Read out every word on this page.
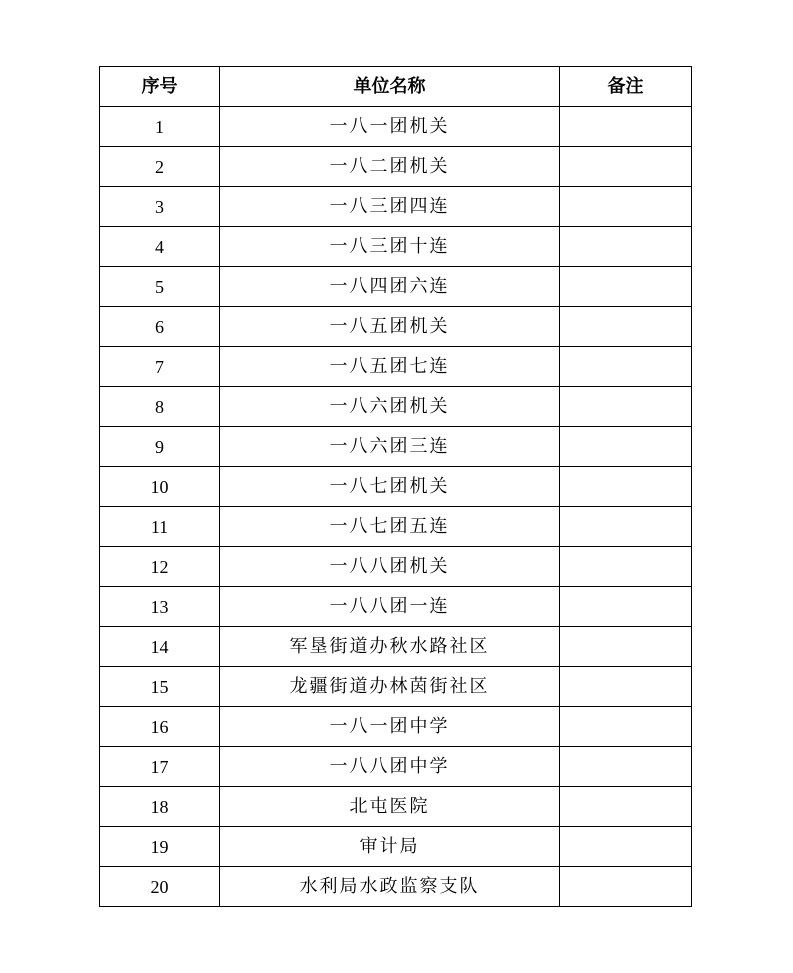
序号	单位名称	备注
1	一八一团机关	
2	一八二团机关	
3	一八三团四连	
4	一八三团十连	
5	一八四团六连	
6	一八五团机关	
7	一八五团七连	
8	一八六团机关	
9	一八六团三连	
10	一八七团机关	
11	一八七团五连	
12	一八八团机关	
13	一八八团一连	
14	军垦街道办秋水路社区	
15	龙疆街道办林茵街社区	
16	一八一团中学	
17	一八八团中学	
18	北屯医院	
19	审计局	
20	水利局水政监察支队	
